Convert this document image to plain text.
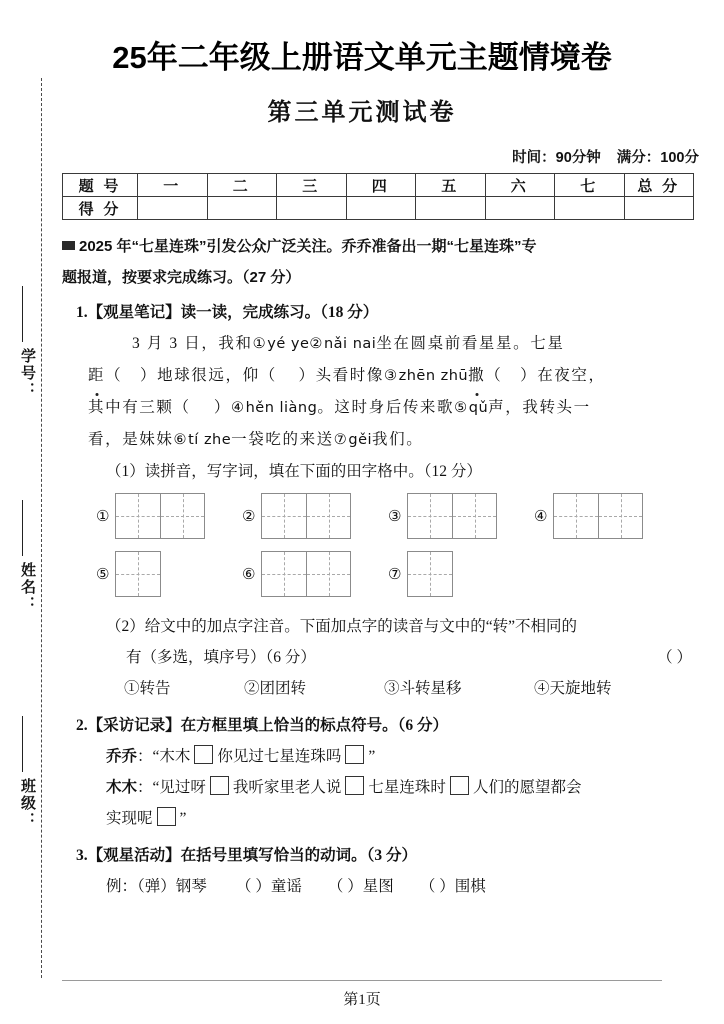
学号：
姓名：
班级：
25年二年级上册语文单元主题情境卷
第三单元测试卷
时间：90分钟 满分：100分
题 号	一	二	三	四	五	六	七	总 分
得 分								
2025 年“七星连珠”引发公众广泛关注。乔乔准备出一期“七星连珠”专
题报道，按要求完成练习。（27 分）
1.【观星笔记】读一读，完成练习。（18 分）
3 月 3 日，我和①yé ye②nǎi nai坐在圆桌前看星星。七星
距（     ）地球很远，仰（      ）头看时像③zhēn zhū撒（     ）在夜空，
其中有三颗（ ）④hěn liàng。这时身后传来歌⑤qǔ声，我转头一
看，是妹妹⑥tí zhe一袋吃的来送⑦gěi我们。
（1）读拼音，写字词，填在下面的田字格中。（12 分）
①	②	③	④
⑤	⑥	⑦
（2）给文中的加点字注音。下面加点字的读音与文中的“转”不相同的
有（多选，填序号）（6 分）	（ ）
①转告	②团团转	③斗转星移	④天旋地转
2.【采访记录】在方框里填上恰当的标点符号。（6 分）
乔乔：“木木 你见过七星连珠吗 ”
木木：“见过呀 我听家里老人说 七星连珠时 人们的愿望都会
实现呢 ”
3.【观星活动】在括号里填写恰当的动词。（3 分）
例：（弹）钢琴 （ ）童谣 （ ）星图 （ ）围棋
第1页
